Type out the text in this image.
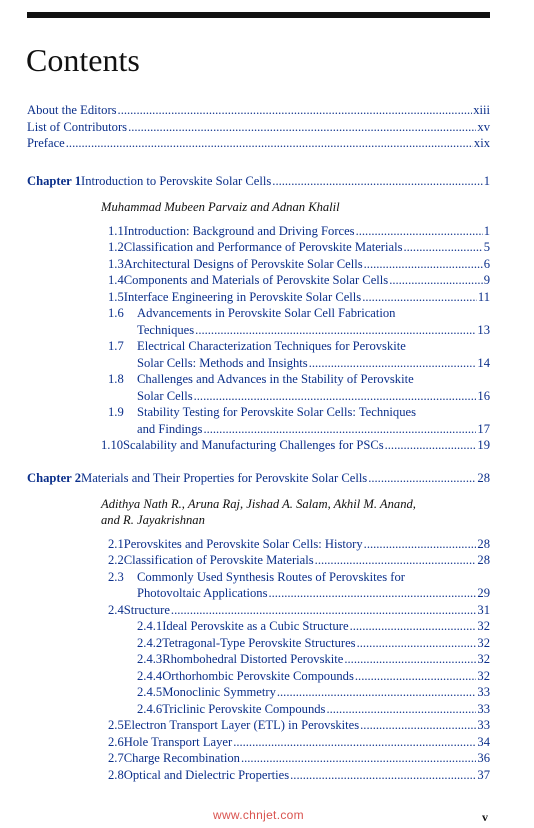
Contents
About the Editors .....	xiii
List of Contributors .....	xv
Preface .....	xix
Chapter 1 Introduction to Perovskite Solar Cells .....	1
Muhammad Mubeen Parvaiz and Adnan Khalil
1.1 Introduction: Background and Driving Forces .....	1
1.2 Classification and Performance of Perovskite Materials .....	5
1.3 Architectural Designs of Perovskite Solar Cells .....	6
1.4 Components and Materials of Perovskite Solar Cells .....	9
1.5 Interface Engineering in Perovskite Solar Cells .....	11
1.6	Advancements in Perovskite Solar Cell Fabrication
Techniques .....	13
1.7	Electrical Characterization Techniques for Perovskite
Solar Cells: Methods and Insights .....	14
1.8	Challenges and Advances in the Stability of Perovskite
Solar Cells .....	16
1.9	Stability Testing for Perovskite Solar Cells: Techniques
and Findings .....	17
1.10 Scalability and Manufacturing Challenges for PSCs .....	19
Chapter 2 Materials and Their Properties for Perovskite Solar Cells .....	28
Adithya Nath R., Aruna Raj, Jishad A. Salam, Akhil M. Anand,
and R. Jayakrishnan
2.1 Perovskites and Perovskite Solar Cells: History .....	28
2.2 Classification of Perovskite Materials .....	28
2.3	Commonly Used Synthesis Routes of Perovskites for
Photovoltaic Applications .....	29
2.4 Structure .....	31
2.4.1 Ideal Perovskite as a Cubic Structure .....	32
2.4.2 Tetragonal-Type Perovskite Structures .....	32
2.4.3 Rhombohedral Distorted Perovskite .....	32
2.4.4 Orthorhombic Perovskite Compounds .....	32
2.4.5 Monoclinic Symmetry .....	33
2.4.6 Triclinic Perovskite Compounds .....	33
2.5 Electron Transport Layer (ETL) in Perovskites .....	33
2.6 Hole Transport Layer .....	34
2.7 Charge Recombination .....	36
2.8 Optical and Dielectric Properties .....	37
www.chnjet.com	v
